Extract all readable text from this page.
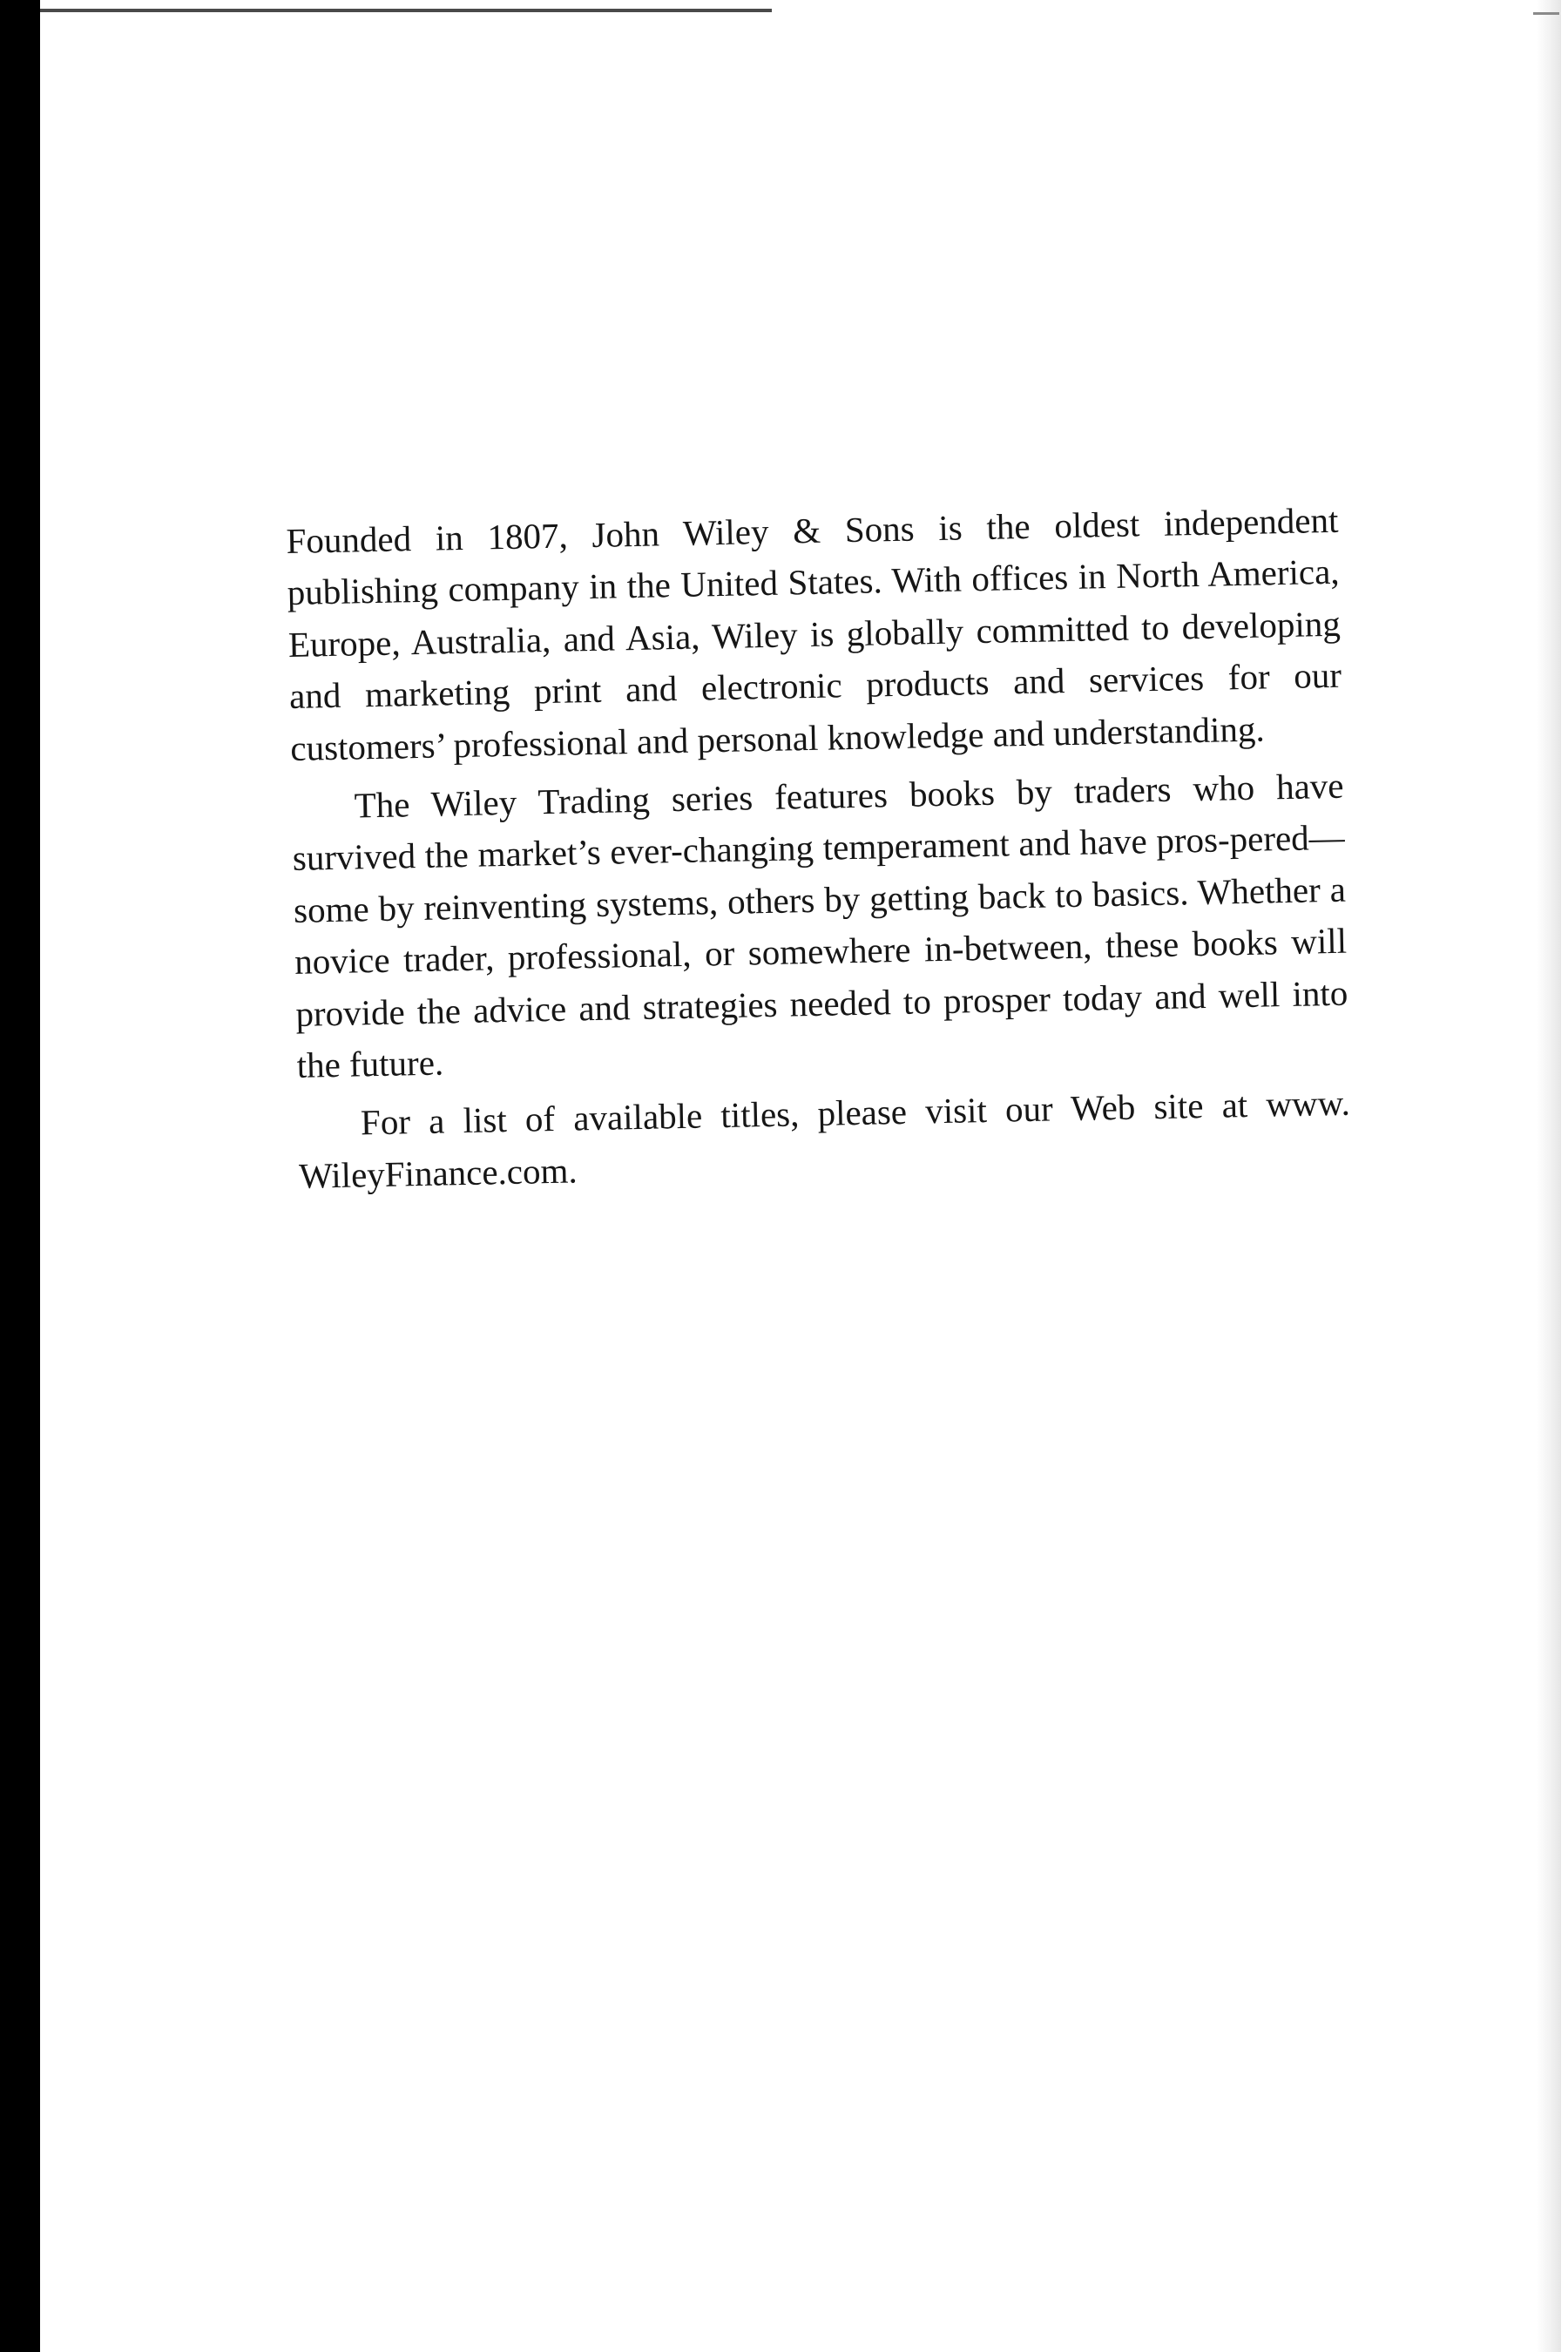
Founded in 1807, John Wiley & Sons is the oldest independent publishing company in the United States. With offices in North America, Europe, Australia, and Asia, Wiley is globally committed to developing and marketing print and electronic products and services for our customers’ professional and personal knowledge and understanding.

The Wiley Trading series features books by traders who have survived the market’s ever-changing temperament and have pros-pered—some by reinventing systems, others by getting back to basics. Whether a novice trader, professional, or somewhere in-between, these books will provide the advice and strategies needed to prosper today and well into the future.

For a list of available titles, please visit our Web site at www. WileyFinance.com.
